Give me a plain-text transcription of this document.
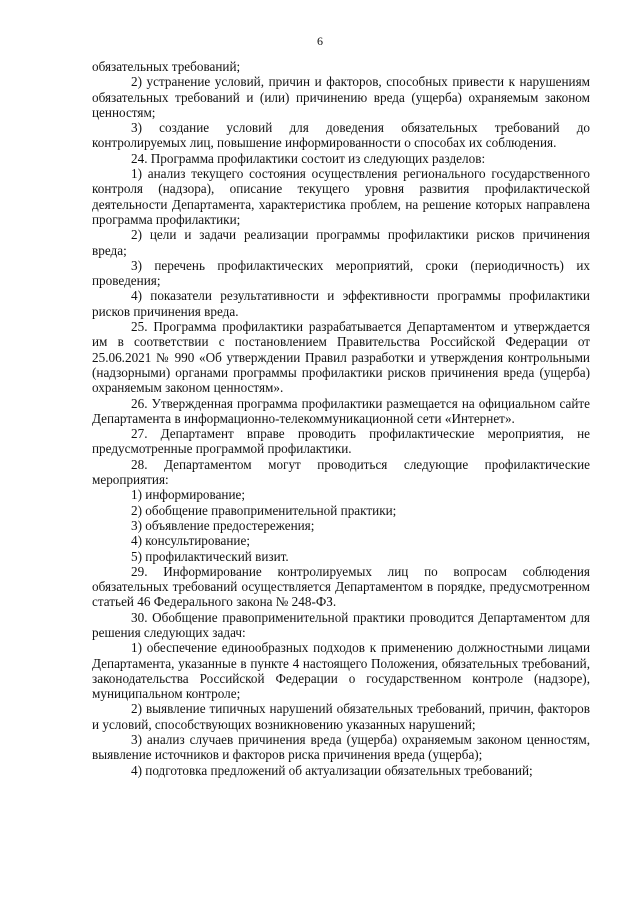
6

обязательных требований;

2) устранение условий, причин и факторов, способных привести к нарушениям обязательных требований и (или) причинению вреда (ущерба) охраняемым законом ценностям;

3) создание условий для доведения обязательных требований до контролируемых лиц, повышение информированности о способах их соблюдения.

24. Программа профилактики состоит из следующих разделов:

1) анализ текущего состояния осуществления регионального государственного контроля (надзора), описание текущего уровня развития профилактической деятельности Департамента, характеристика проблем, на решение которых направлена программа профилактики;

2) цели и задачи реализации программы профилактики рисков причинения вреда;

3) перечень профилактических мероприятий, сроки (периодичность) их проведения;

4) показатели результативности и эффективности программы профилактики рисков причинения вреда.

25. Программа профилактики разрабатывается Департаментом и утверждается им в соответствии с постановлением Правительства Российской Федерации от 25.06.2021 № 990 «Об утверждении Правил разработки и утверждения контрольными (надзорными) органами программы профилактики рисков причинения вреда (ущерба) охраняемым законом ценностям».

26. Утвержденная программа профилактики размещается на официальном сайте Департамента в информационно-телекоммуникационной сети «Интернет».

27. Департамент вправе проводить профилактические мероприятия, не предусмотренные программой профилактики.

28. Департаментом могут проводиться следующие профилактические мероприятия:

1) информирование;

2) обобщение правоприменительной практики;

3) объявление предостережения;

4) консультирование;

5) профилактический визит.

29. Информирование контролируемых лиц по вопросам соблюдения обязательных требований осуществляется Департаментом в порядке, предусмотренном статьей 46 Федерального закона № 248-ФЗ.

30. Обобщение правоприменительной практики проводится Департаментом для решения следующих задач:

1) обеспечение единообразных подходов к применению должностными лицами Департамента, указанные в пункте 4 настоящего Положения, обязательных требований, законодательства Российской Федерации о государственном контроле (надзоре), муниципальном контроле;

2) выявление типичных нарушений обязательных требований, причин, факторов и условий, способствующих возникновению указанных нарушений;

3) анализ случаев причинения вреда (ущерба) охраняемым законом ценностям, выявление источников и факторов риска причинения вреда (ущерба);

4) подготовка предложений об актуализации обязательных требований;
